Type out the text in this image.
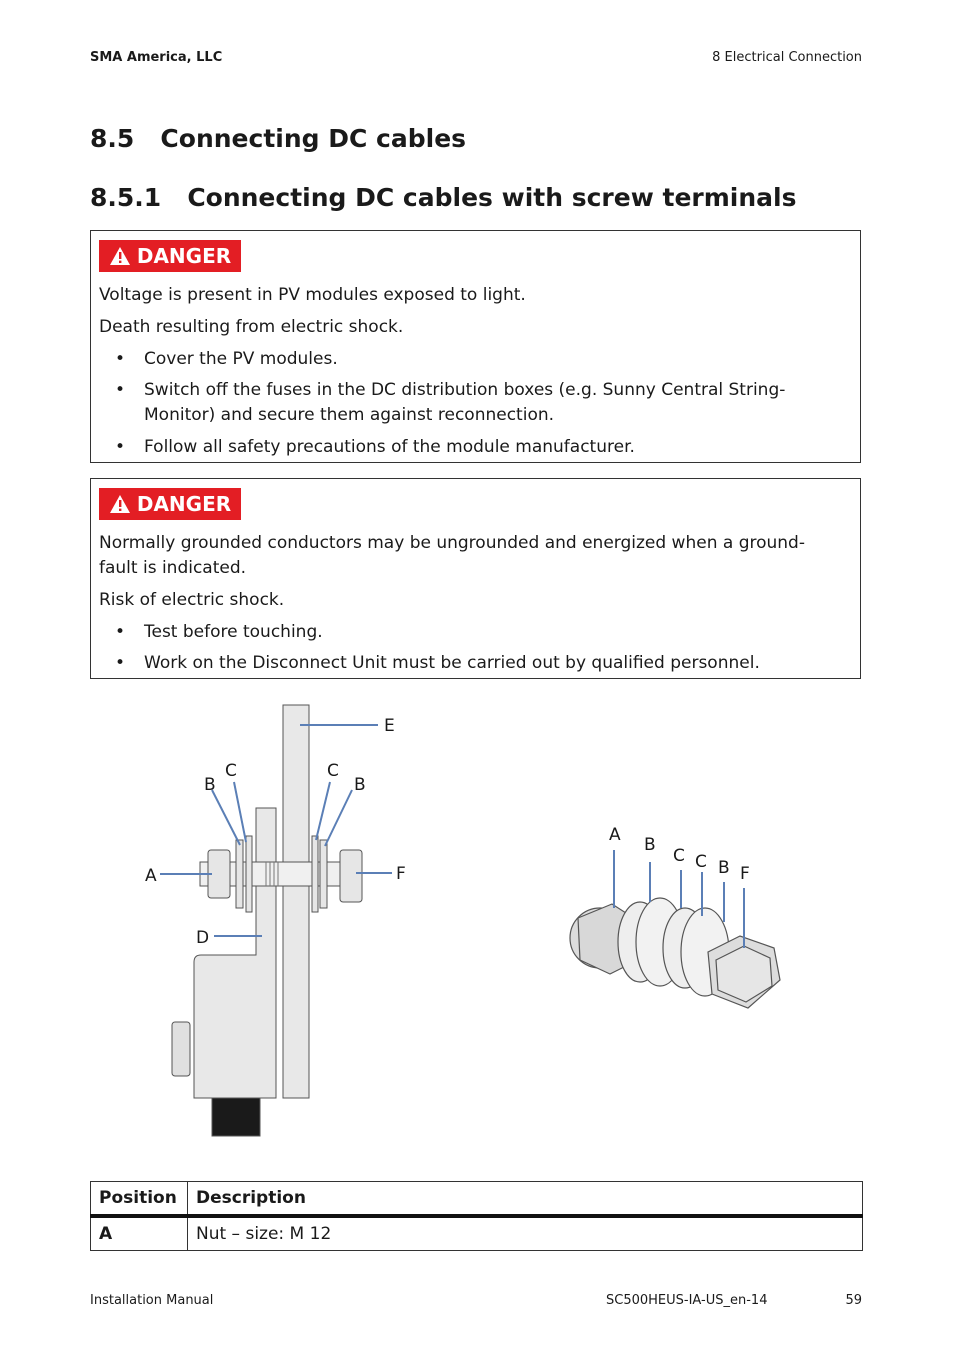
SMA America, LLC	8 Electrical Connection
8.5 Connecting DC cables
8.5.1 Connecting DC cables with screw terminals
DANGER

Voltage is present in PV modules exposed to light.

Death resulting from electric shock.

• Cover the PV modules.
• Switch off the fuses in the DC distribution boxes (e.g. Sunny Central String-Monitor) and secure them against reconnection.
• Follow all safety precautions of the module manufacturer.
DANGER

Normally grounded conductors may be ungrounded and energized when a ground-fault is indicated.

Risk of electric shock.

• Test before touching.
• Work on the Disconnect Unit must be carried out by qualified personnel.
E
B
C	C
B
A	F
D
A B
C C B F
Position	Description
A	Nut – size: M 12
Installation Manual	SC500HEUS-IA-US_en-14	59
